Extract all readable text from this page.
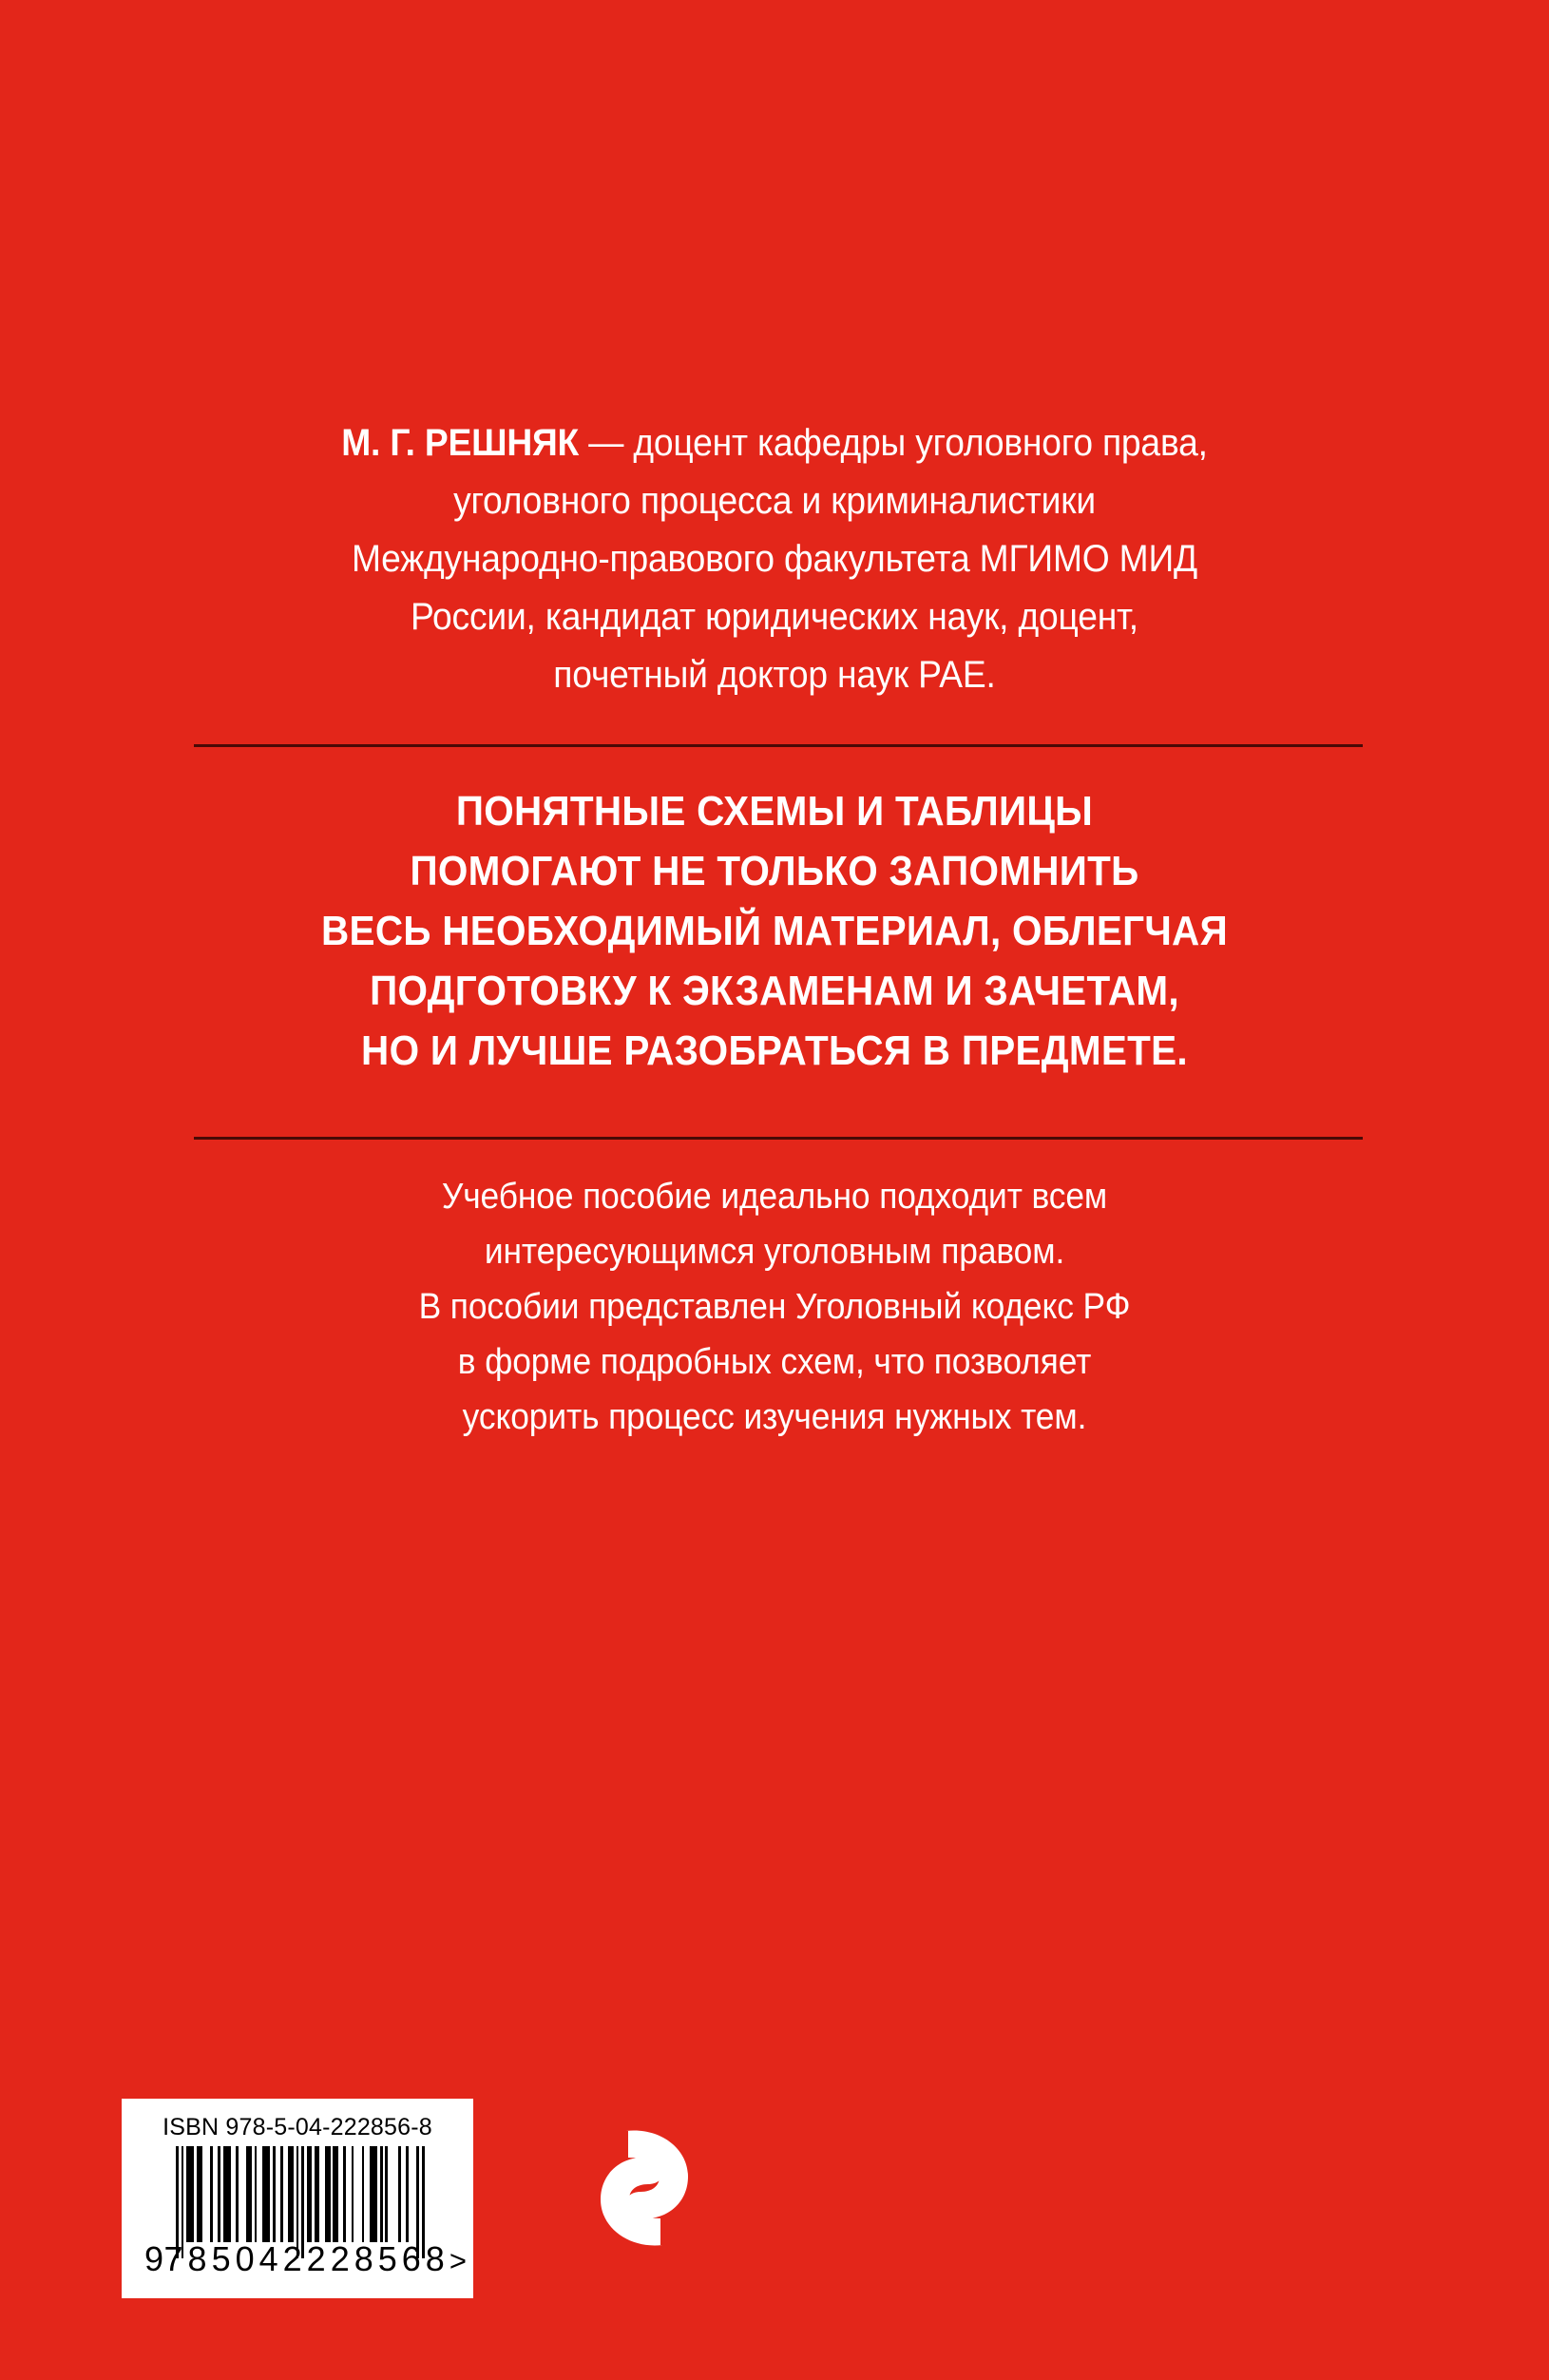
М. Г. РЕШНЯК — доцент кафедры уголовного права,
уголовного процесса и криминалистики
Международно-правового факультета МГИМО МИД
России, кандидат юридических наук, доцент,
почетный доктор наук РАЕ.
ПОНЯТНЫЕ СХЕМЫ И ТАБЛИЦЫ
ПОМОГАЮТ НЕ ТОЛЬКО ЗАПОМНИТЬ
ВЕСЬ НЕОБХОДИМЫЙ МАТЕРИАЛ, ОБЛЕГЧАЯ
ПОДГОТОВКУ К ЭКЗАМЕНАМ И ЗАЧЕТАМ,
НО И ЛУЧШЕ РАЗОБРАТЬСЯ В ПРЕДМЕТЕ.
Учебное пособие идеально подходит всем
интересующимся уголовным правом.
В пособии представлен Уголовный кодекс РФ
в форме подробных схем, что позволяет
ускорить процесс изучения нужных тем.
ISBN 978-5-04-222856-8
9 785042 228568 >
